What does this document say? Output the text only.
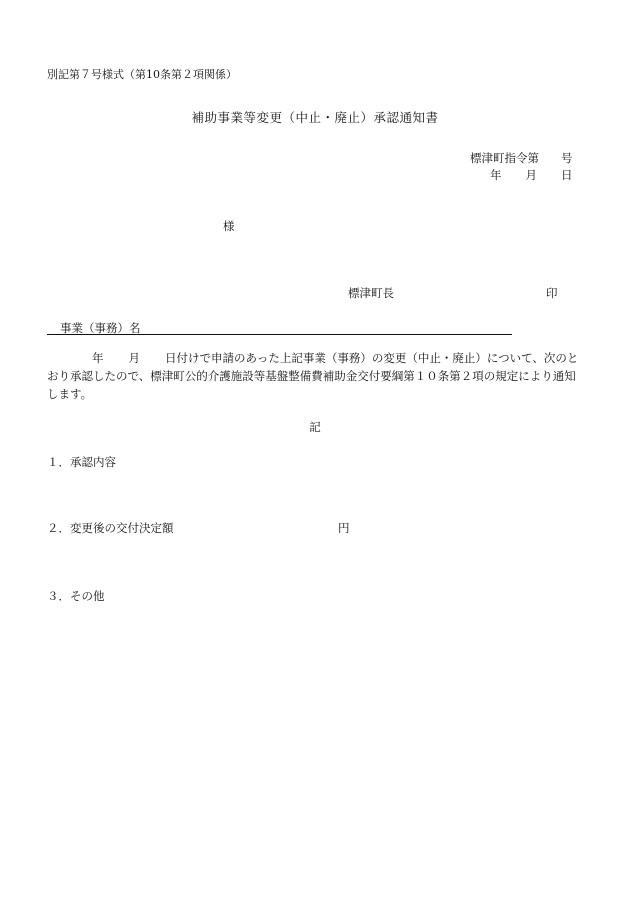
別記第７号様式（第10条第２項関係）
補助事業等変更（中止・廃止）承認通知書
標津町指令第 号
年 月 日
様
標津町長	印
事業（事務）名
年 月 日付けで申請のあった上記事業（事務）の変更（中止・廃止）について、次のとおり承認したので、標津町公的介護施設等基盤整備費補助金交付要綱第１０条第２項の規定により通知します。
記
１．承認内容
２．変更後の交付決定額	円
３．その他
